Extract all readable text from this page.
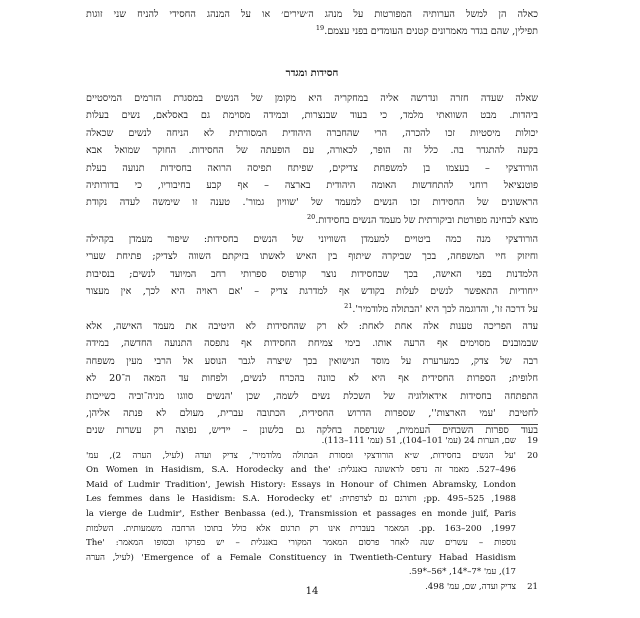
כאלה הן למשל הערותיה המפורטות על מנהג ה׳שירים׳ או על המנהג החסידי להניח שני זוגות
תפילין, שהם בגדר מאמרונים קטנים העומדים בפני עצמם.$^{19}$
חסידות ומגדר
שאלה שעדה חזרה ונדרשה אליה במחקריה היא מקומן של הנשים במסגרת הזרמים המיסטיים
ביהדות. מבט השוואתי מלמד, כי בעוד שבנצרות, ובמידה מסוימת גם באסלאם, נשים בעלות
יכולות מיסטיות זכו להכרה, הרי שהחברה היהודית המסורתית לא הניחה לנשים שכאלה
בקעה להתגדר בה. כלל זה הופר, לכאורה, עם הופעתה של החסידות. החוקר שמואל אבא
הורודצקי – בעצמו בן למשפחת צדיקים, שפיתח תפיסה הרואה בחסידות תנועה בעלת
פוטנציאל רוחני להתחדשות האומה היהודית בארצה – אף קבע בחיבוריו, כי בדורותיה
הראשונים של החסידות זכו הנשים למעמד של 'שוויון גמור'. טענה זו שימשה לעדה נקודת
מוצא לבחינה מפורטת וביקורתית של מעמד הנשים בחסידות.$^{20}$
הורודצקי מנה כמה ביטויים למעמדן השוויוני של הנשים בחסידות: שיפור מעמדן בקהילה
וחיזוק חיי המשפחה, בכך שביקרה שיתוף בין האיש לאשתו בזיקתם השווה לצדיק; פתיחת שערי
הלמדנות בפני האישה, בכך שבחסידות נוצר קורפוס ספרותי רחב המיועד לנשים; בנסיבות
ייחודיות התאפשר לנשים לעלות בקודש אף למדרגת צדיק – 'אם ראויה היא לכך, אין מעצור
על דרכה זו', והדוגמה לכך היא 'הבתולה מלודמיר'.$^{21}$
עדה הפריכה טענות אלה אחת לאחת: לא רק שהחסידות לא היטיבה את מעמד האישה, אלא
שבמובנים מסוימים אף הרעה אותו. בימי צמיחת החסידות אף נתפסה התנועה החדשה, במידה
רבה של צדק, כמערערת על מוסד הנישואין בכך שיצרה לגבר הנוסע אל הרבי מעין משפחה
חלופית; הספרות החסידית אף היא לא כוונה בהכרח לנשים, ולפחות עד המאה ה־20 לא
התפתחה בחסידות אידאולוגיה של השכלת נשים לשמה, שכן 'הנשים סווגו מניה־וביה כשייכות
לחטיבת 'עמי הארצות'', שספרות הדרוש החסידית, הכתובה עברית, מעולם לא פנתה אליהן,
בעוד ספרות השבחים העממית, שנדפסה בחלקה גם בלשונן – יידיש, נפוצה רק עשרות שנים
19
שם, הערות 24 (עמ' 101–104), 51 (עמ' 111–113).
20
'על הנשים בחסידות, ש״א הורודצקי ומסורת הבתולה מלודמיר', צדיק ועדה (לעיל, הערה 2), עמ'
496–527. מאמר זה נדפס לראשונה באנגלית: 'On Women in Hasidism, S.A. Horodecky and the
Maid of Ludmir Tradition', Jewish History: Essays in Honour of Chimen Abramsky, London
1988, pp. 495–525; ותורגם גם לצרפתית: 'Les femmes dans le Hasidism: S.A. Horodecky et
la vierge de Ludmir', Esther Benbassa (ed.), Transmission et passages en monde juif, Paris
1997, pp. 163–200. המאמר בעברית אינו רק תרגום אלא כולל בתוכו הרחבה משמעותית. השלמות
נוספות – עשרים שנה לאחר פרסום המאמר המקורי באנגלית – יש בפרקו ובסופו המאמר: 'The
Emergence of a Female Constituency in Twentieth-Century Habad Hasidism' (לעיל, הערה
17), עמ' *7–*14, *56–*59.
21
צדיק ועדה, שם, עמ' 498.
14
